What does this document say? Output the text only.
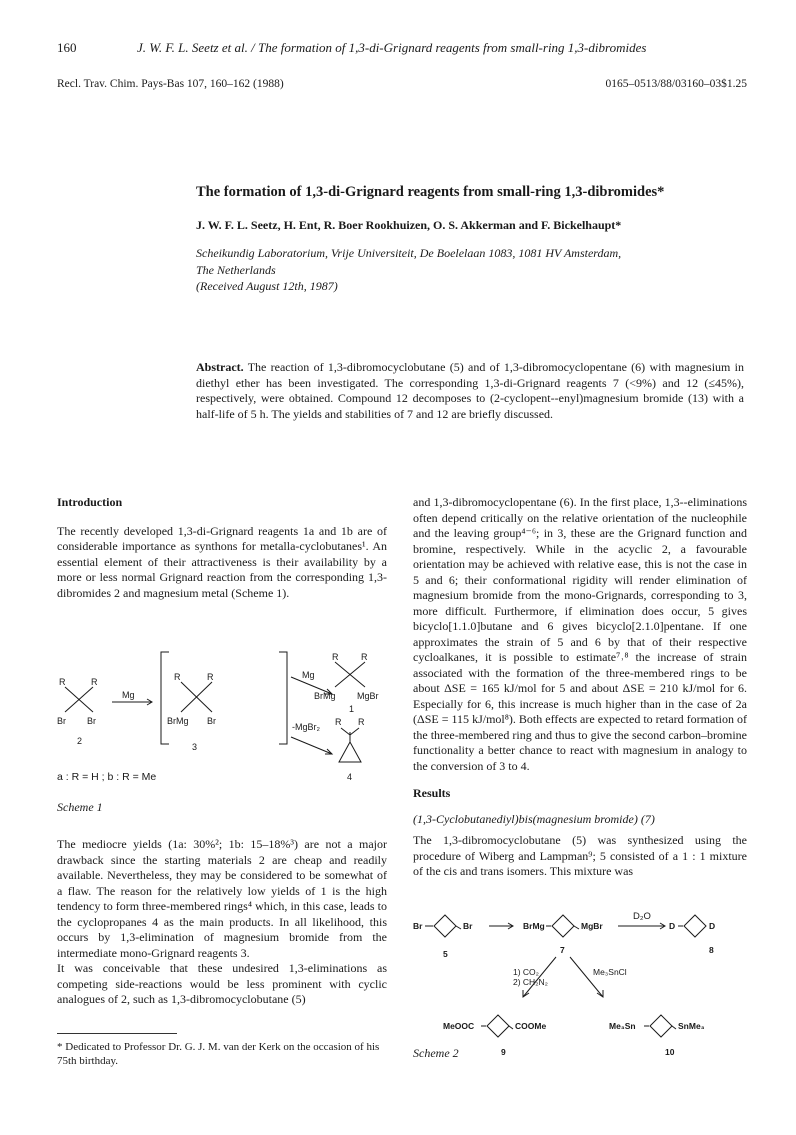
160	J. W. F. L. Seetz et al. / The formation of 1,3-di-Grignard reagents from small-ring 1,3-dibromides
Recl. Trav. Chim. Pays-Bas 107, 160–162 (1988)	0165–0513/88/03160–03$1.25
The formation of 1,3-di-Grignard reagents from small-ring 1,3-dibromides*
J. W. F. L. Seetz, H. Ent, R. Boer Rookhuizen, O. S. Akkerman and F. Bickelhaupt*
Scheikundig Laboratorium, Vrije Universiteit, De Boelelaan 1083, 1081 HV Amsterdam,
The Netherlands
(Received August 12th, 1987)
Abstract. The reaction of 1,3-dibromocyclobutane (5) and of 1,3-dibromocyclopentane (6) with magnesium in diethyl ether has been investigated. The corresponding 1,3-di-Grignard reagents 7 (<9%) and 12 (≤45%), respectively, were obtained. Compound 12 decomposes to (2-cyclopent--enyl)magnesium bromide (13) with a half-life of 5 h. The yields and stabilities of 7 and 12 are briefly discussed.
Introduction

The recently developed 1,3-di-Grignard reagents 1a and 1b are of considerable importance as synthons for metalla-cyclobutanes¹. An essential element of their attractiveness is their availability by a more or less normal Grignard reaction from the corresponding 1,3-dibromides 2 and magnesium metal (Scheme 1).

R	R
Br Br
2
Mg
R	R
BrMg Br
3
Mg
-MgBr₂
R	R
BrMg MgBr
1
R R
4
a : R = H ; b : R = Me
Scheme 1

The mediocre yields (1a: 30%²; 1b: 15–18%³) are not a major drawback since the starting materials 2 are cheap and readily available. Nevertheless, they may be considered to be somewhat of a flaw. The reason for the relatively low yields of 1 is the high tendency to form three-membered rings⁴ which, in this case, leads to the cyclopropanes 4 as the main products. In all likelihood, this occurs by 1,3-elimination of magnesium bromide from the intermediate mono-Grignard reagents 3.

It was conceivable that these undesired 1,3-eliminations as competing side-reactions would be less prominent with cyclic analogues of 2, such as 1,3-dibromocyclobutane (5)

* Dedicated to Professor Dr. G. J. M. van der Kerk on the occasion of his 75th birthday.

and 1,3-dibromocyclopentane (6). In the first place, 1,3--eliminations often depend critically on the relative orientation of the nucleophile and the leaving group⁴⁻⁶; in 3, these are the Grignard function and bromine, respectively. While in the acyclic 2, a favourable orientation may be achieved with relative ease, this is not the case in 5 and 6; their conformational rigidity will render elimination of magnesium bromide from the mono-Grignards, corresponding to 3, more difficult. Furthermore, if elimination does occur, 5 gives bicyclo[1.1.0]butane and 6 gives bicyclo[2.1.0]pentane. If one approximates the strain of 5 and 6 by that of their respective cycloalkanes, it is possible to estimate⁷˒⁸ the increase of strain associated with the formation of the three-membered rings to be about ΔSE = 165 kJ/mol for 5 and about ΔSE = 210 kJ/mol for 6. Especially for 6, this increase is much higher than in the case of 2a (ΔSE = 115 kJ/mol⁸). Both effects are expected to retard formation of the three-membered ring and thus to give the second carbon–bromine functionality a better chance to react with magnesium in analogy to the conversion of 3 to 4.

Results

(1,3-Cyclobutanediyl)bis(magnesium bromide) (7)

The 1,3-dibromocyclobutane (5) was synthesized using the procedure of Wiberg and Lampman⁹; 5 consisted of a 1 : 1 mixture of the cis and trans isomers. This mixture was

Br	Br
5
BrMg	MgBr
7
D₂O
D	D
8
1) CO₂
2) CH₂N₂
Me₃SnCl
MeOOC	COOMe
9
Me₃Sn	SnMe₃
10
Scheme 2
